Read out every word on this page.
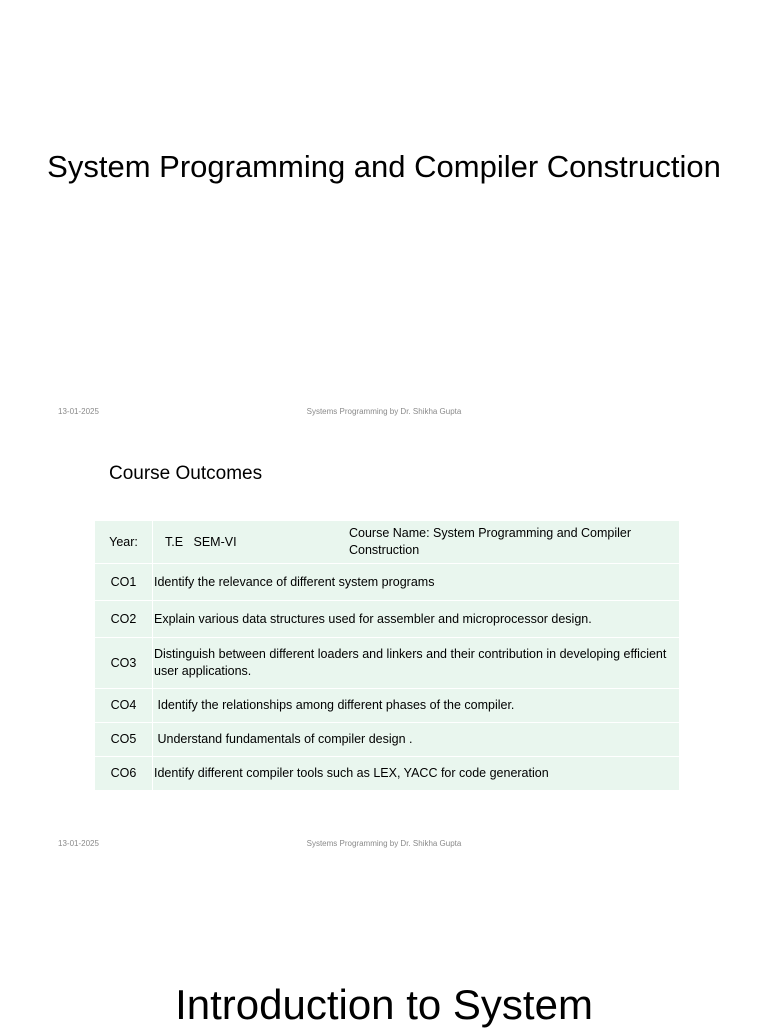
System Programming and Compiler Construction
13-01-2025	Systems Programming by Dr. Shikha Gupta
Course Outcomes
Year:	T.E   SEM-VI	Course Name: System Programming and Compiler Construction
CO1	Identify the relevance of different system programs	
CO2	Explain various data structures used for assembler and microprocessor design.	
CO3	Distinguish between different loaders and linkers and their contribution in developing efficient user applications.	
CO4	Identify the relationships among different phases of the compiler.	
CO5	Understand fundamentals of compiler design .	
CO6	Identify different compiler tools such as LEX, YACC for code generation	
13-01-2025	Systems Programming by Dr. Shikha Gupta
Introduction to System
